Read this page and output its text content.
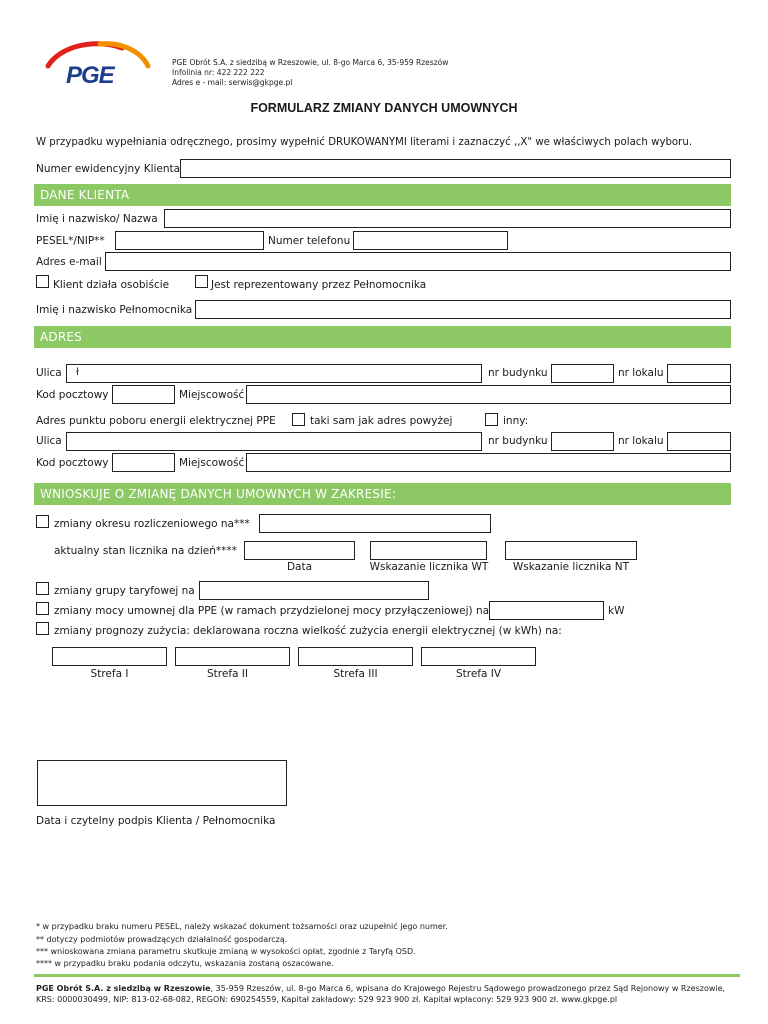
PGE	PGE Obrót S.A. z siedzibą w Rzeszowie, ul. 8-go Marca 6, 35-959 Rzeszów
Infolinia nr: 422 222 222
Adres e - mail: serwis@gkpge.pl
FORMULARZ ZMIANY DANYCH UMOWNYCH
W przypadku wypełniania odręcznego, prosimy wypełnić DRUKOWANYMI literami i zaznaczyć ,,X" we właściwych polach wyboru.
Numer ewidencyjny Klienta
DANE KLIENTA
Imię i nazwisko/ Nazwa
PESEL*/NIP**	Numer telefonu
Adres e-mail
Klient działa osobiście	Jest reprezentowany przez Pełnomocnika
Imię i nazwisko Pełnomocnika
ADRES
Ulica	ł	nr budynku	nr lokalu
Kod pocztowy	Miejscowość
Adres punktu poboru energii elektrycznej PPE	taki sam jak adres powyżej	inny:
Ulica	nr budynku	nr lokalu
Kod pocztowy	Miejscowość
WNIOSKUJE O ZMIANĘ DANYCH UMOWNYCH W ZAKRESIE:
zmiany okresu rozliczeniowego na***
aktualny stan licznika na dzień****
Data	Wskazanie licznika WT	Wskazanie licznika NT
zmiany grupy taryfowej na
zmiany mocy umownej dla PPE (w ramach przydzielonej mocy przyłączeniowej) na	kW
zmiany prognozy zużycia: deklarowana roczna wielkość zużycia energii elektrycznej (w kWh) na:
Strefa I	Strefa II	Strefa III	Strefa IV
Data i czytelny podpis Klienta / Pełnomocnika
* w przypadku braku numeru PESEL, należy wskazać dokument tożsamości oraz uzupełnić jego numer.
** dotyczy podmiotów prowadzących działalność gospodarczą.
*** wnioskowana zmiana parametru skutkuje zmianą w wysokości opłat, zgodnie z Taryfą OSD.
**** w przypadku braku podania odczytu, wskazania zostaną oszacowane.
PGE Obrót S.A. z siedzibą w Rzeszowie, 35-959 Rzeszów, ul. 8-go Marca 6, wpisana do Krajowego Rejestru Sądowego prowadzonego przez Sąd Rejonowy w Rzeszowie,
KRS: 0000030499, NIP: 813-02-68-082, REGON: 690254559, Kapitał zakładowy: 529 923 900 zł. Kapitał wpłacony: 529 923 900 zł. www.gkpge.pl
